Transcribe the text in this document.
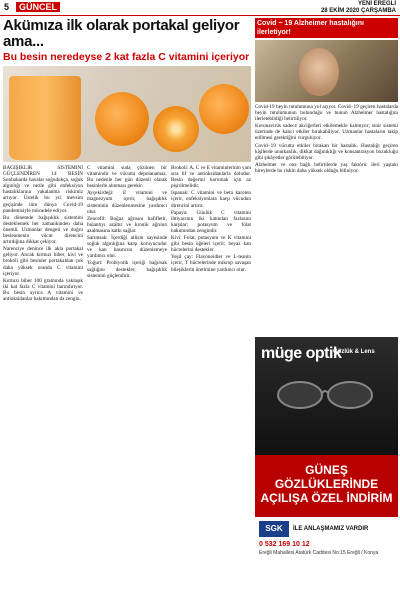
5	GÜNCEL	YENİ EREĞLİ
28 EKİM 2020 ÇARŞAMBA
Akümıza ilk olarak portakal geliyor ama...
Bu besin neredeyse 2 kat fazla C vitamini içeriyor

BAĞIŞIKLIK SİSTEMİNİ GÜÇLENDİREN 14 BESİN Sonbaharda havalar soğudukça, soğuk algınlığı ve nezle gibi enfeksiyon hastalıklarına yakalanma riskimiz artıyor. Üstelik bu yıl mevsim geçişinde tüm dünya Covid-19 pandemisiyle mücadele ediyor.

Bu dönemde bağışıklık sistemini desteklemek her zamankinden daha önemli. Uzmanlar dengeli ve doğru beslenmenin vücut direncini artırdığına dikkat çekiyor.

Narenciye denince ilk akla portakal geliyor. Ancak kırmızı biber, kivi ve brokoli gibi besinler portakaldan çok daha yüksek oranda C vitamini içeriyor.

Kırmızı biber 100 gramında yaklaşık iki kat fazla C vitamini barındırıyor. Bu besin ayrıca A vitamini ve antioksidanlar bakımından da zengin.

C vitamini suda çözünen bir vitamindir ve vücutta depolanamaz. Bu nedenle her gün düzenli olarak besinlerle alınması gerekir.

Ayçekirdeği: E vitamini ve magnezyum içerir, bağışıklık sisteminin düzenlenmesine yardımcı olur.

Zencefil: Boğaz ağrısını hafifletir, bulantıyı azaltır ve kronik ağrının azalmasına katkı sağlar.

Sarımsak: İçerdiği allisin sayesinde soğuk algınlığına karşı koruyucudur ve kan basıncını düzenlemeye yardımcı olur.

Yoğurt: Probiyotik içeriği bağırsak sağlığını destekler, bağışıklık sistemini güçlendirir.

Brokoli: A, C ve E vitaminlerinin yanı sıra lif ve antioksidanlarla doludur. Besin değerini korumak için az pişirilmelidir.

Ispanak: C vitamini ve beta karoten içerir, enfeksiyonlara karşı vücudun direncini artırır.

Papaya: Günlük C vitamini ihtiyacının iki katından fazlasını karşılar; potasyum ve folat bakımından zengindir.

Kivi: Folat, potasyum ve K vitamini gibi besin öğeleri içerir; beyaz kan hücrelerini destekler.

Yeşil çay: Flavonoidler ve L-teanin içerir, T hücrelerinde mikrop savaşan bileşiklerin üretimine yardımcı olur.

Covid − 19 Alzheimer hastalığını ilerletiyor!

Covid-19 beyin tutulumuna yol açıyor. Covid−19 geçiren hastalarda beyin tutulumunun bulunduğu ve bunun Alzheimer hastalığını ilerletebildiği belirtiliyor.

Koronavirüs sadece akciğerleri etkilemekle kalmıyor; sinir sistemi üzerinde de kalıcı etkiler bırakabiliyor. Uzmanlar hastaların takip edilmesi gerektiğini vurguluyor.

Covid−19 vücutta etkiler bırakan bir hastalık. Hastalığı geçiren kişilerde unutkanlık, dikkat dağınıklığı ve konsantrasyon bozukluğu gibi şikâyetler görülebiliyor.

Alzheimer ve ona bağlı belirtilerde yaş faktörü: ileri yaştaki bireylerde bu riskin daha yüksek olduğu biliniyor.

müge optik
Gözlük & Lens
GÜNEŞ GÖZLÜKLERİNDE
AÇILIŞA ÖZEL İNDİRİM
SGK	İLE ANLAŞMAMIZ VARDIR
0 532 169 10 12
Ereğli Mahallesi Atatürk Caddesi No:15 Ereğli / Konya
